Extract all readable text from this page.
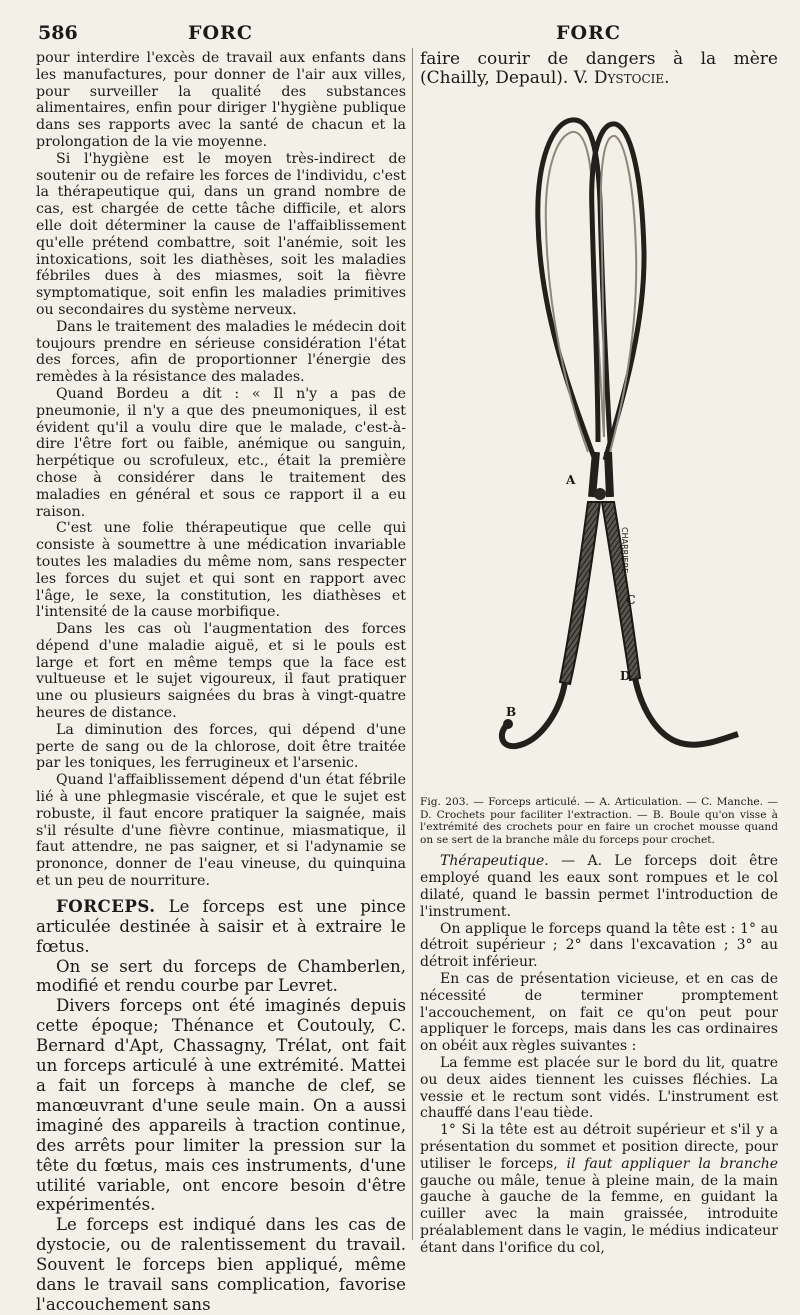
586	FORC	FORC

pour interdire l'excès de travail aux enfants dans les manufactures, pour donner de l'air aux villes, pour surveiller la qualité des substances alimentaires, enfin pour diriger l'hygiène publique dans ses rapports avec la santé de chacun et la prolongation de la vie moyenne.

Si l'hygiène est le moyen très-indirect de soutenir ou de refaire les forces de l'individu, c'est la thérapeutique qui, dans un grand nombre de cas, est chargée de cette tâche difficile, et alors elle doit déterminer la cause de l'affaiblissement qu'elle prétend combattre, soit l'anémie, soit les intoxications, soit les diathèses, soit les maladies fébriles dues à des miasmes, soit la fièvre symptomatique, soit enfin les maladies primitives ou secondaires du système nerveux.

Dans le traitement des maladies le médecin doit toujours prendre en sérieuse considération l'état des forces, afin de proportionner l'énergie des remèdes à la résistance des malades.

Quand Bordeu a dit : « Il n'y a pas de pneumonie, il n'y a que des pneumoniques, il est évident qu'il a voulu dire que le malade, c'est-à-dire l'être fort ou faible, anémique ou sanguin, herpétique ou scrofuleux, etc., était la première chose à considérer dans le traitement des maladies en général et sous ce rapport il a eu raison.

C'est une folie thérapeutique que celle qui consiste à soumettre à une médication invariable toutes les maladies du même nom, sans respecter les forces du sujet et qui sont en rapport avec l'âge, le sexe, la constitution, les diathèses et l'intensité de la cause morbifique.

Dans les cas où l'augmentation des forces dépend d'une maladie aiguë, et si le pouls est large et fort en même temps que la face est vultueuse et le sujet vigoureux, il faut pratiquer une ou plusieurs saignées du bras à vingt-quatre heures de distance.

La diminution des forces, qui dépend d'une perte de sang ou de la chlorose, doit être traitée par les toniques, les ferrugineux et l'arsenic.

Quand l'affaiblissement dépend d'un état fébrile lié à une phlegmasie viscérale, et que le sujet est robuste, il faut encore pratiquer la saignée, mais s'il résulte d'une fièvre continue, miasmatique, il faut attendre, ne pas saigner, et si l'adynamie se prononce, donner de l'eau vineuse, du quinquina et un peu de nourriture.

FORCEPS. Le forceps est une pince articulée destinée à saisir et à extraire le fœtus.

On se sert du forceps de Chamberlen, modifié et rendu courbe par Levret.

Divers forceps ont été imaginés depuis cette époque; Thénance et Coutouly, C. Bernard d'Apt, Chassagny, Trélat, ont fait un forceps articulé à une extrémité. Mattei a fait un forceps à manche de clef, se manœuvrant d'une seule main. On a aussi imaginé des appareils à traction continue, des arrêts pour limiter la pression sur la tête du fœtus, mais ces instruments, d'une utilité variable, ont encore besoin d'être expérimentés.

Le forceps est indiqué dans les cas de dystocie, ou de ralentissement du travail. Souvent le forceps bien appliqué, même dans le travail sans complication, favorise l'accouchement sans

faire courir de dangers à la mère (Chailly, Depaul). V. Dystocie.

CHARRIERE
A
B
C
D

Fig. 203. — Forceps articulé. — A. Articulation. — C. Manche. — D. Crochets pour faciliter l'extraction. — B. Boule qu'on visse à l'extrémité des crochets pour en faire un crochet mousse quand on se sert de la branche mâle du forceps pour crochet.

Thérapeutique. — A. Le forceps doit être employé quand les eaux sont rompues et le col dilaté, quand le bassin permet l'introduction de l'instrument.

On applique le forceps quand la tête est : 1° au détroit supérieur ; 2° dans l'excavation ; 3° au détroit inférieur.

En cas de présentation vicieuse, et en cas de nécessité de terminer promptement l'accouchement, on fait ce qu'on peut pour appliquer le forceps, mais dans les cas ordinaires on obéit aux règles suivantes :

La femme est placée sur le bord du lit, quatre ou deux aides tiennent les cuisses fléchies. La vessie et le rectum sont vidés. L'instrument est chauffé dans l'eau tiède.

1° Si la tête est au détroit supérieur et s'il y a présentation du sommet et position directe, pour utiliser le forceps, il faut appliquer la branche gauche ou mâle, tenue à pleine main, de la main gauche à gauche de la femme, en guidant la cuiller avec la main graissée, introduite préalablement dans le vagin, le médius indicateur étant dans l'orifice du col,
